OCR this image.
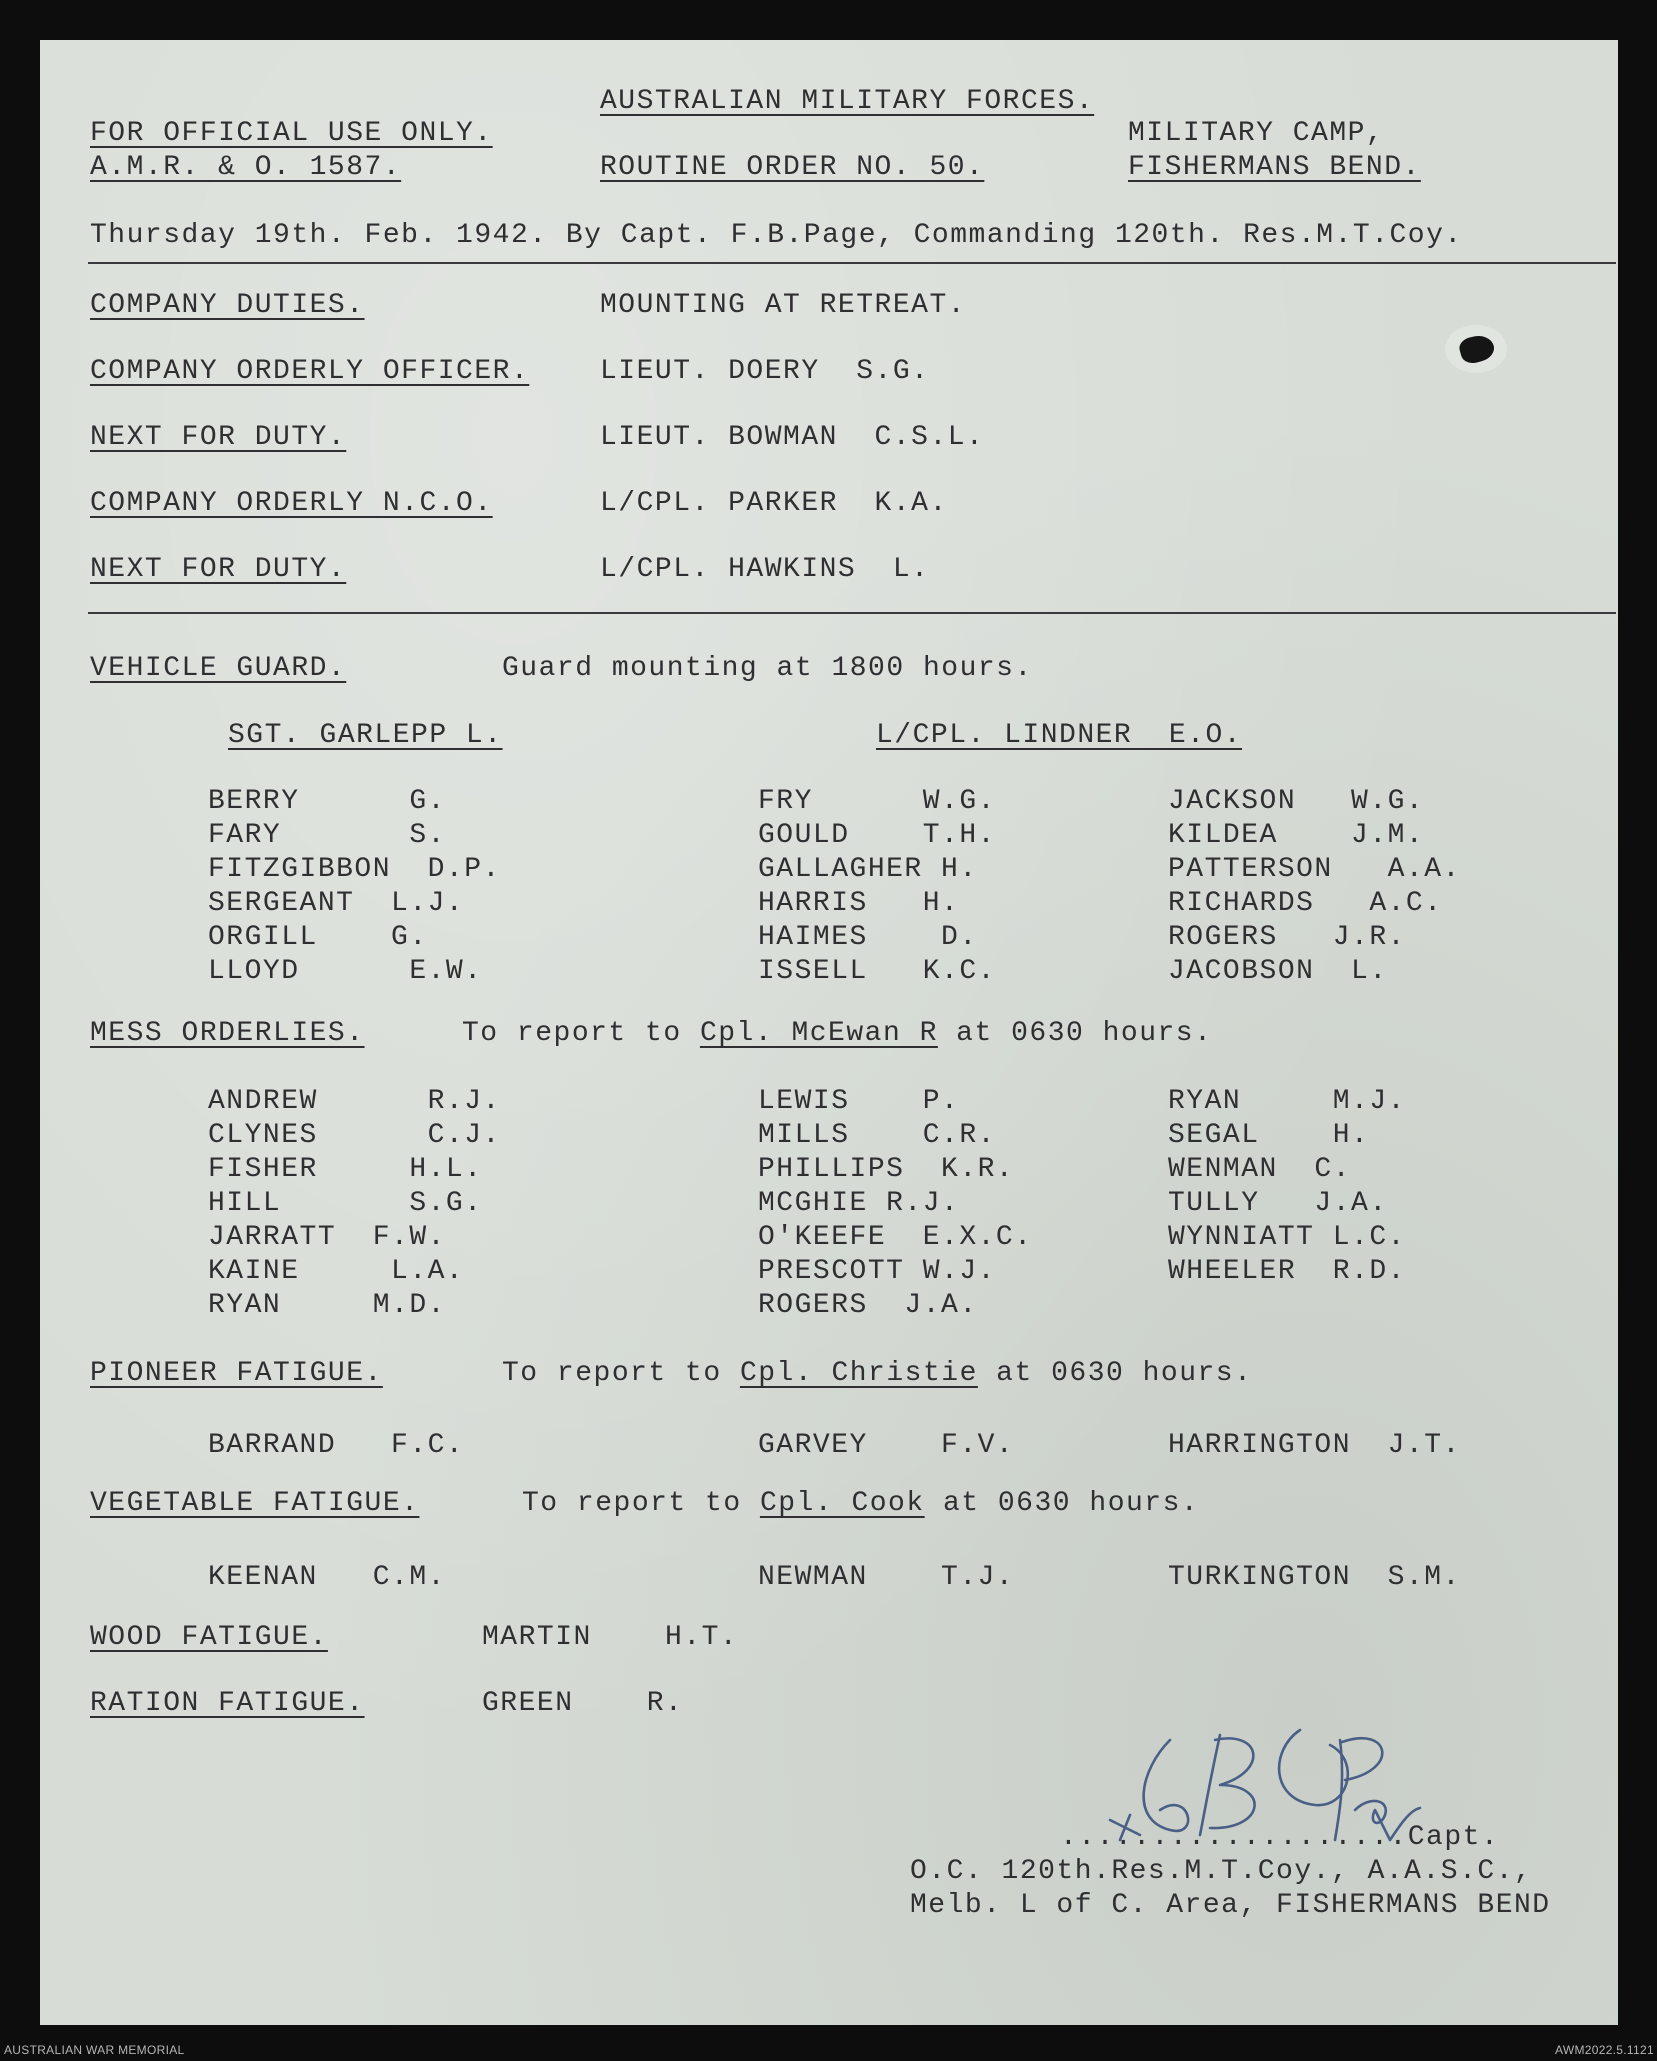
AUSTRALIAN MILITARY FORCES.
FOR OFFICIAL USE ONLY.
A.M.R. & O. 1587.	ROUTINE ORDER NO. 50.
MILITARY CAMP,
FISHERMANS BEND.
Thursday 19th. Feb. 1942. By Capt. F.B.Page, Commanding 120th. Res.M.T.Coy.
COMPANY DUTIES.	MOUNTING AT RETREAT.
COMPANY ORDERLY OFFICER.	LIEUT. DOERY  S.G.
NEXT FOR DUTY.	LIEUT. BOWMAN  C.S.L.
COMPANY ORDERLY N.C.O.	L/CPL. PARKER  K.A.
NEXT FOR DUTY.	L/CPL. HAWKINS  L.
VEHICLE GUARD.	Guard mounting at 1800 hours.
SGT. GARLEPP L.	L/CPL. LINDNER  E.O.
BERRY      G.	FRY      W.G.	JACKSON   W.G.
FARY       S.	GOULD    T.H.	KILDEA    J.M.
FITZGIBBON  D.P.	GALLAGHER H.	PATTERSON   A.A.
SERGEANT  L.J.	HARRIS   H.	RICHARDS   A.C.
ORGILL    G.	HAIMES    D.	ROGERS   J.R.
LLOYD      E.W.	ISSELL   K.C.	JACOBSON  L.
MESS ORDERLIES.	To report to Cpl. McEwan R at 0630 hours.
ANDREW      R.J.	LEWIS    P.	RYAN     M.J.
CLYNES      C.J.	MILLS    C.R.	SEGAL    H.
FISHER     H.L.	PHILLIPS  K.R.	WENMAN  C.
HILL       S.G.	MCGHIE R.J.	TULLY   J.A.
JARRATT  F.W.	O'KEEFE  E.X.C.	WYNNIATT L.C.
KAINE     L.A.	PRESCOTT W.J.	WHEELER  R.D.
RYAN     M.D.	ROGERS  J.A.
PIONEER FATIGUE.	To report to Cpl. Christie at 0630 hours.
BARRAND   F.C.	GARVEY    F.V.	HARRINGTON  J.T.
VEGETABLE FATIGUE.	To report to Cpl. Cook at 0630 hours.
KEENAN   C.M.	NEWMAN    T.J.	TURKINGTON  S.M.
WOOD FATIGUE.	MARTIN    H.T.
RATION FATIGUE.	GREEN    R.
...................Capt.
O.C. 120th.Res.M.T.Coy., A.A.S.C.,
Melb. L of C. Area, FISHERMANS BEND
AUSTRALIAN WAR MEMORIAL	AWM2022.5.1121
